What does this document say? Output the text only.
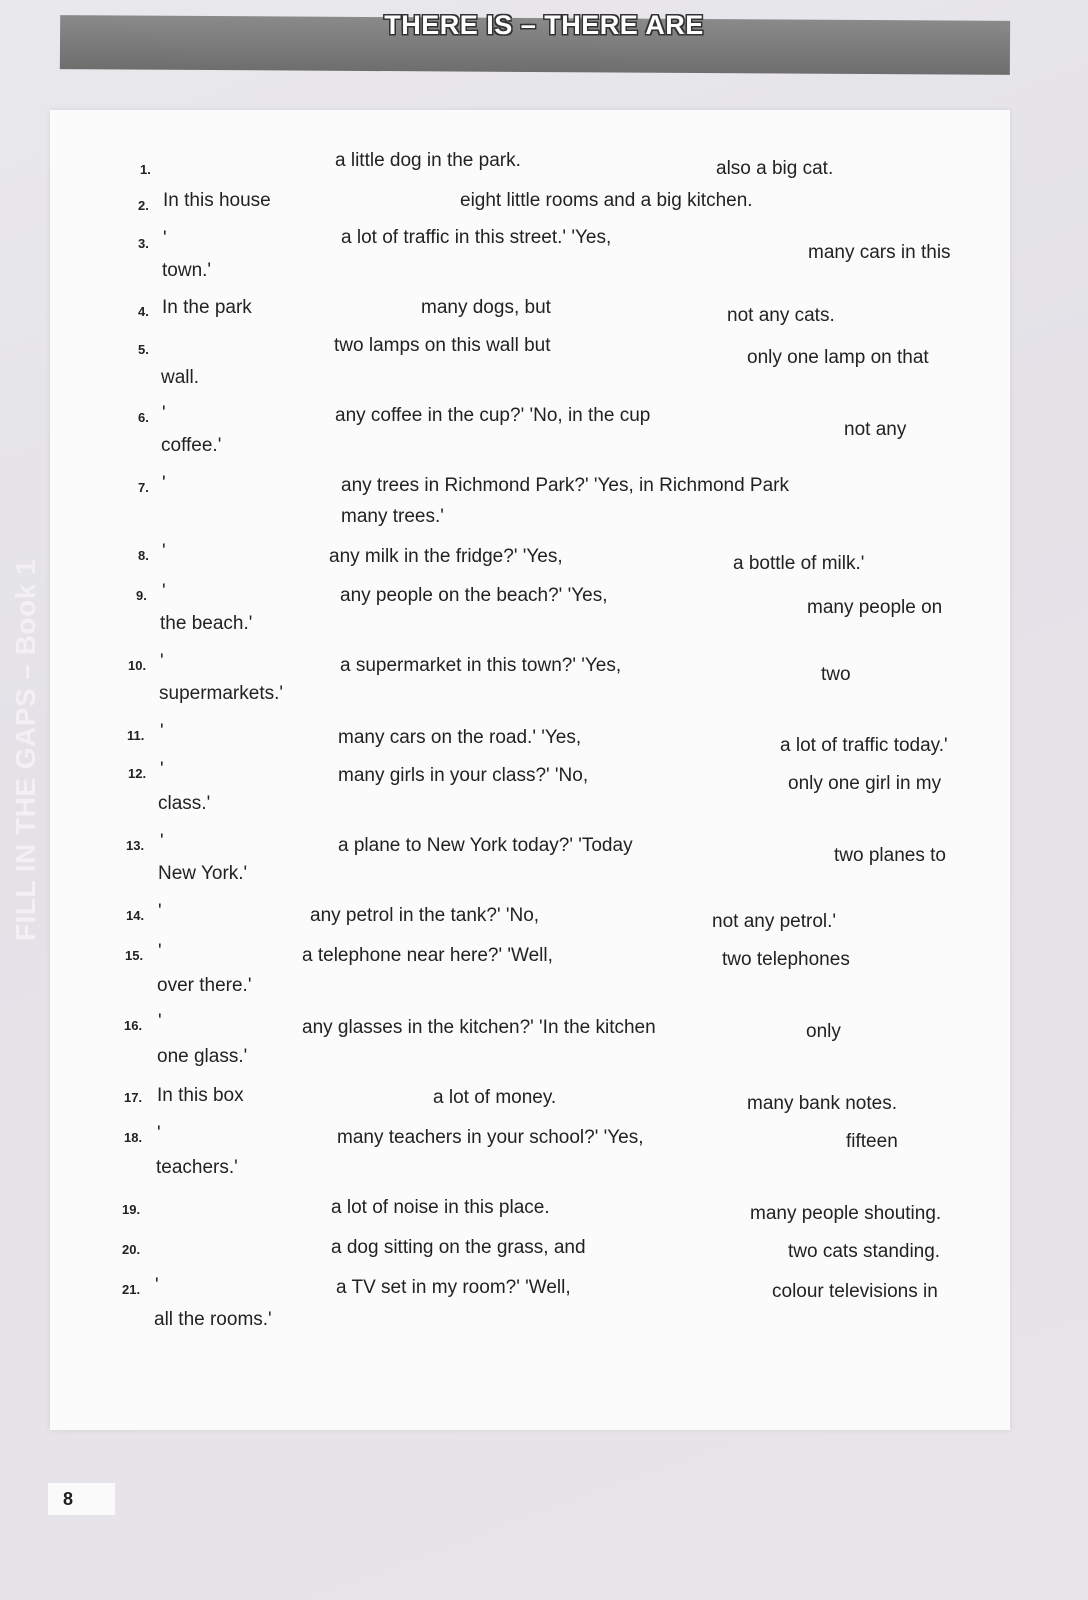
THERE IS – THERE ARE
FILL IN THE GAPS – Book 1
1.	a little dog in the park.	also a big cat.
2. In this house	eight little rooms and a big kitchen.
3. '	a lot of traffic in this street.' 'Yes,
many cars in this
town.'
4. In the park	many dogs, but	not any cats.
5.	two lamps on this wall but
only one lamp on that
wall.
6. '	any coffee in the cup?' 'No, in the cup
not any
coffee.'
7. '	any trees in Richmond Park?' 'Yes, in Richmond Park
many trees.'
8. '	any milk in the fridge?' 'Yes,	a bottle of milk.'
9. '	any people on the beach?' 'Yes,
many people on
the beach.'
10. '	a supermarket in this town?' 'Yes,	two
supermarkets.'
11. '	many cars on the road.' 'Yes,	a lot of traffic today.'
12. '	many girls in your class?' 'No,	only one girl in my
class.'
13. '	a plane to New York today?' 'Today	two planes to
New York.'
14. '	any petrol in the tank?' 'No,	not any petrol.'
15. '	a telephone near here?' 'Well,	two telephones
over there.'
16. '	any glasses in the kitchen?' 'In the kitchen	only
one glass.'
17. In this box	a lot of money.	many bank notes.
18. '	many teachers in your school?' 'Yes,	fifteen
teachers.'
19.	a lot of noise in this place.	many people shouting.
20.	a dog sitting on the grass, and	two cats standing.
21. '	a TV set in my room?' 'Well,	colour televisions in
all the rooms.'
8
